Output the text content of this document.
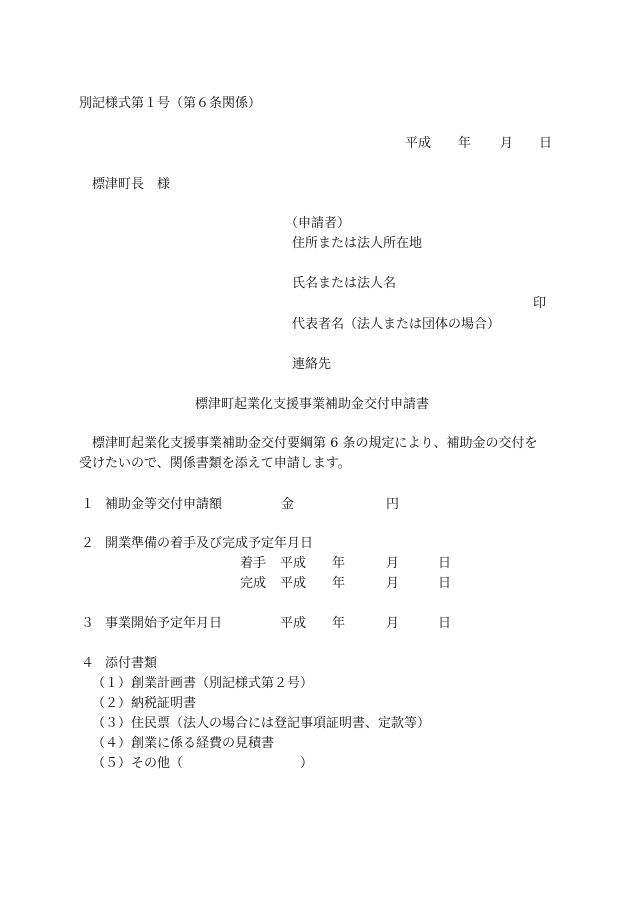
別記様式第１号（第６条関係）
平成 年 月 日
標津町長　様
（申請者）
住所または法人所在地
氏名または法人名
印
代表者名（法人または団体の場合）
連絡先
標津町起業化支援事業補助金交付申請書
標津町起業化支援事業補助金交付要綱第 6 条の規定により、補助金の交付を
受けたいので、関係書類を添えて申請します。
１ 補助金等交付申請額	金	円
２ 開業準備の着手及び完成予定年月日
着手 平成 年	月	日
完成 平成 年	月	日
３ 事業開始予定年月日	平成 年	月	日
４ 添付書類
（１）創業計画書（別記様式第２号）
（２）納税証明書
（３）住民票（法人の場合には登記事項証明書、定款等）
（４）創業に係る経費の見積書
（５）その他（	）
